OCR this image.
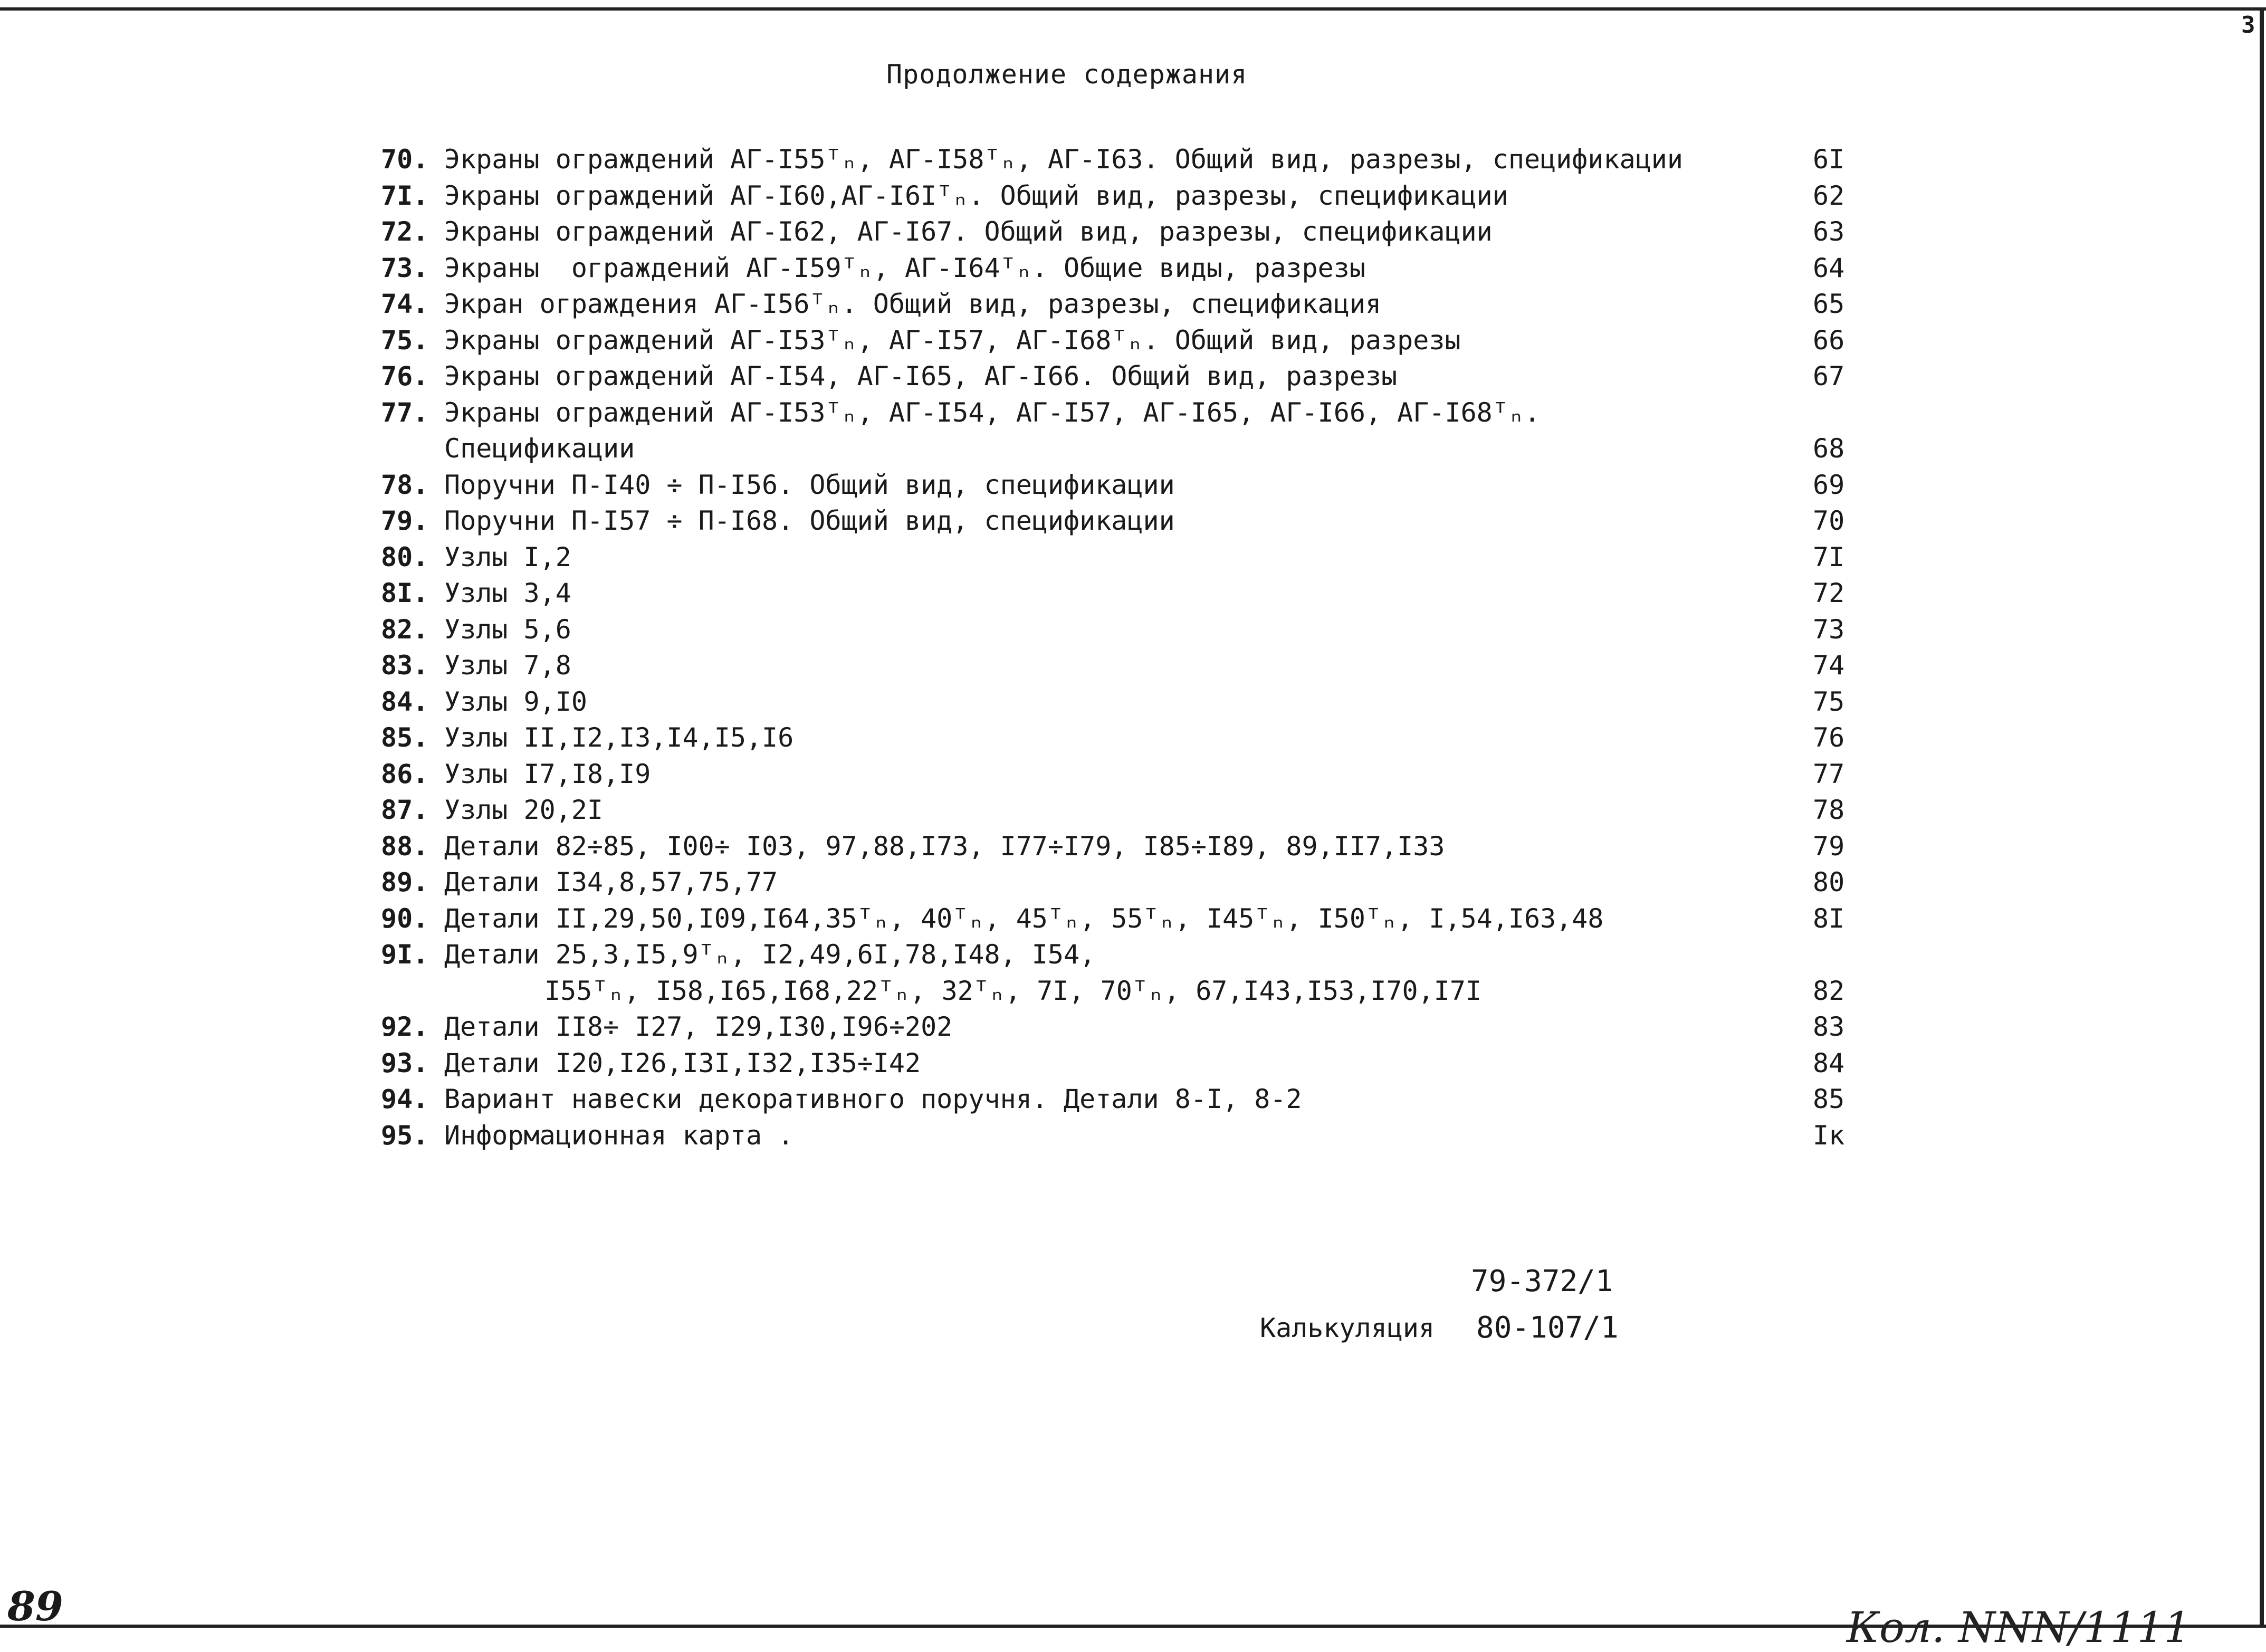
3
Продолжение содержания
70. Экраны ограждений АГ-I55ᵀₙ, АГ-I58ᵀₙ, АГ-I63. Общий вид, разрезы, спецификации	6I
7I. Экраны ограждений АГ-I60,АГ-I6Iᵀₙ. Общий вид, разрезы, спецификации	62
72. Экраны ограждений АГ-I62, АГ-I67. Общий вид, разрезы, спецификации	63
73. Экраны  ограждений АГ-I59ᵀₙ, АГ-I64ᵀₙ. Общие виды, разрезы	64
74. Экран ограждения АГ-I56ᵀₙ. Общий вид, разрезы, спецификация	65
75. Экраны ограждений АГ-I53ᵀₙ, АГ-I57, АГ-I68ᵀₙ. Общий вид, разрезы	66
76. Экраны ограждений АГ-I54, АГ-I65, АГ-I66. Общий вид, разрезы	67
77. Экраны ограждений АГ-I53ᵀₙ, АГ-I54, АГ-I57, АГ-I65, АГ-I66, АГ-I68ᵀₙ.
Спецификации	68
78. Поручни П-I40 ÷ П-I56. Общий вид, спецификации	69
79. Поручни П-I57 ÷ П-I68. Общий вид, спецификации	70
80. Узлы I,2	7I
8I. Узлы 3,4	72
82. Узлы 5,6	73
83. Узлы 7,8	74
84. Узлы 9,I0	75
85. Узлы II,I2,I3,I4,I5,I6	76
86. Узлы I7,I8,I9	77
87. Узлы 20,2I	78
88. Детали 82÷85, I00÷ I03, 97,88,I73, I77÷I79, I85÷I89, 89,II7,I33	79
89. Детали I34,8,57,75,77	80
90. Детали II,29,50,I09,I64,35ᵀₙ, 40ᵀₙ, 45ᵀₙ, 55ᵀₙ, I45ᵀₙ, I50ᵀₙ, I,54,I63,48	8I
9I. Детали 25,3,I5,9ᵀₙ, I2,49,6I,78,I48, I54,
I55ᵀₙ, I58,I65,I68,22ᵀₙ, 32ᵀₙ, 7I, 70ᵀₙ, 67,I43,I53,I70,I7I	82
92. Детали II8÷ I27, I29,I30,I96÷202	83
93. Детали I20,I26,I3I,I32,I35÷I42	84
94. Вариант навески декоративного поручня. Детали 8-I, 8-2	85
95. Информационная карта .	Iк
79-372/1
Калькуляция 80-107/1
89	Кол. NNN/1111
